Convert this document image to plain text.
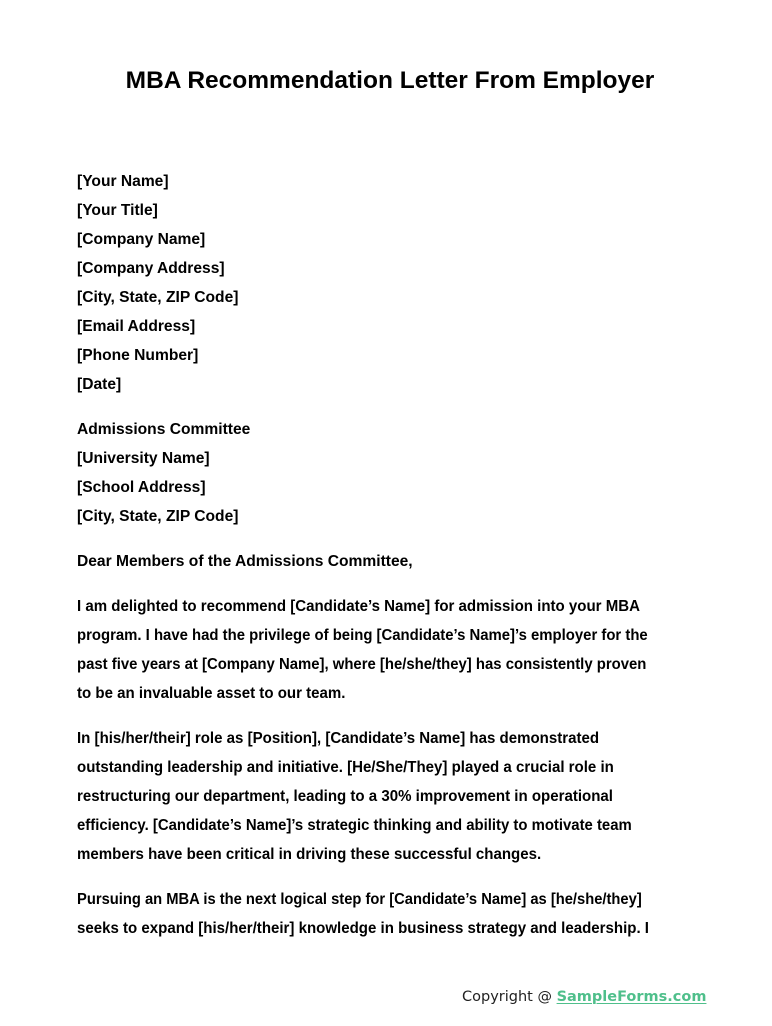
MBA Recommendation Letter From Employer
[Your Name]
[Your Title]
[Company Name]
[Company Address]
[City, State, ZIP Code]
[Email Address]
[Phone Number]
[Date]
Admissions Committee
[University Name]
[School Address]
[City, State, ZIP Code]
Dear Members of the Admissions Committee,
I am delighted to recommend [Candidate’s Name] for admission into your MBA
program. I have had the privilege of being [Candidate’s Name]’s employer for the
past five years at [Company Name], where [he/she/they] has consistently proven
to be an invaluable asset to our team.
In [his/her/their] role as [Position], [Candidate’s Name] has demonstrated
outstanding leadership and initiative. [He/She/They] played a crucial role in
restructuring our department, leading to a 30% improvement in operational
efficiency. [Candidate’s Name]’s strategic thinking and ability to motivate team
members have been critical in driving these successful changes.
Pursuing an MBA is the next logical step for [Candidate’s Name] as [he/she/they]
seeks to expand [his/her/their] knowledge in business strategy and leadership. I
Copyright @ SampleForms.com
